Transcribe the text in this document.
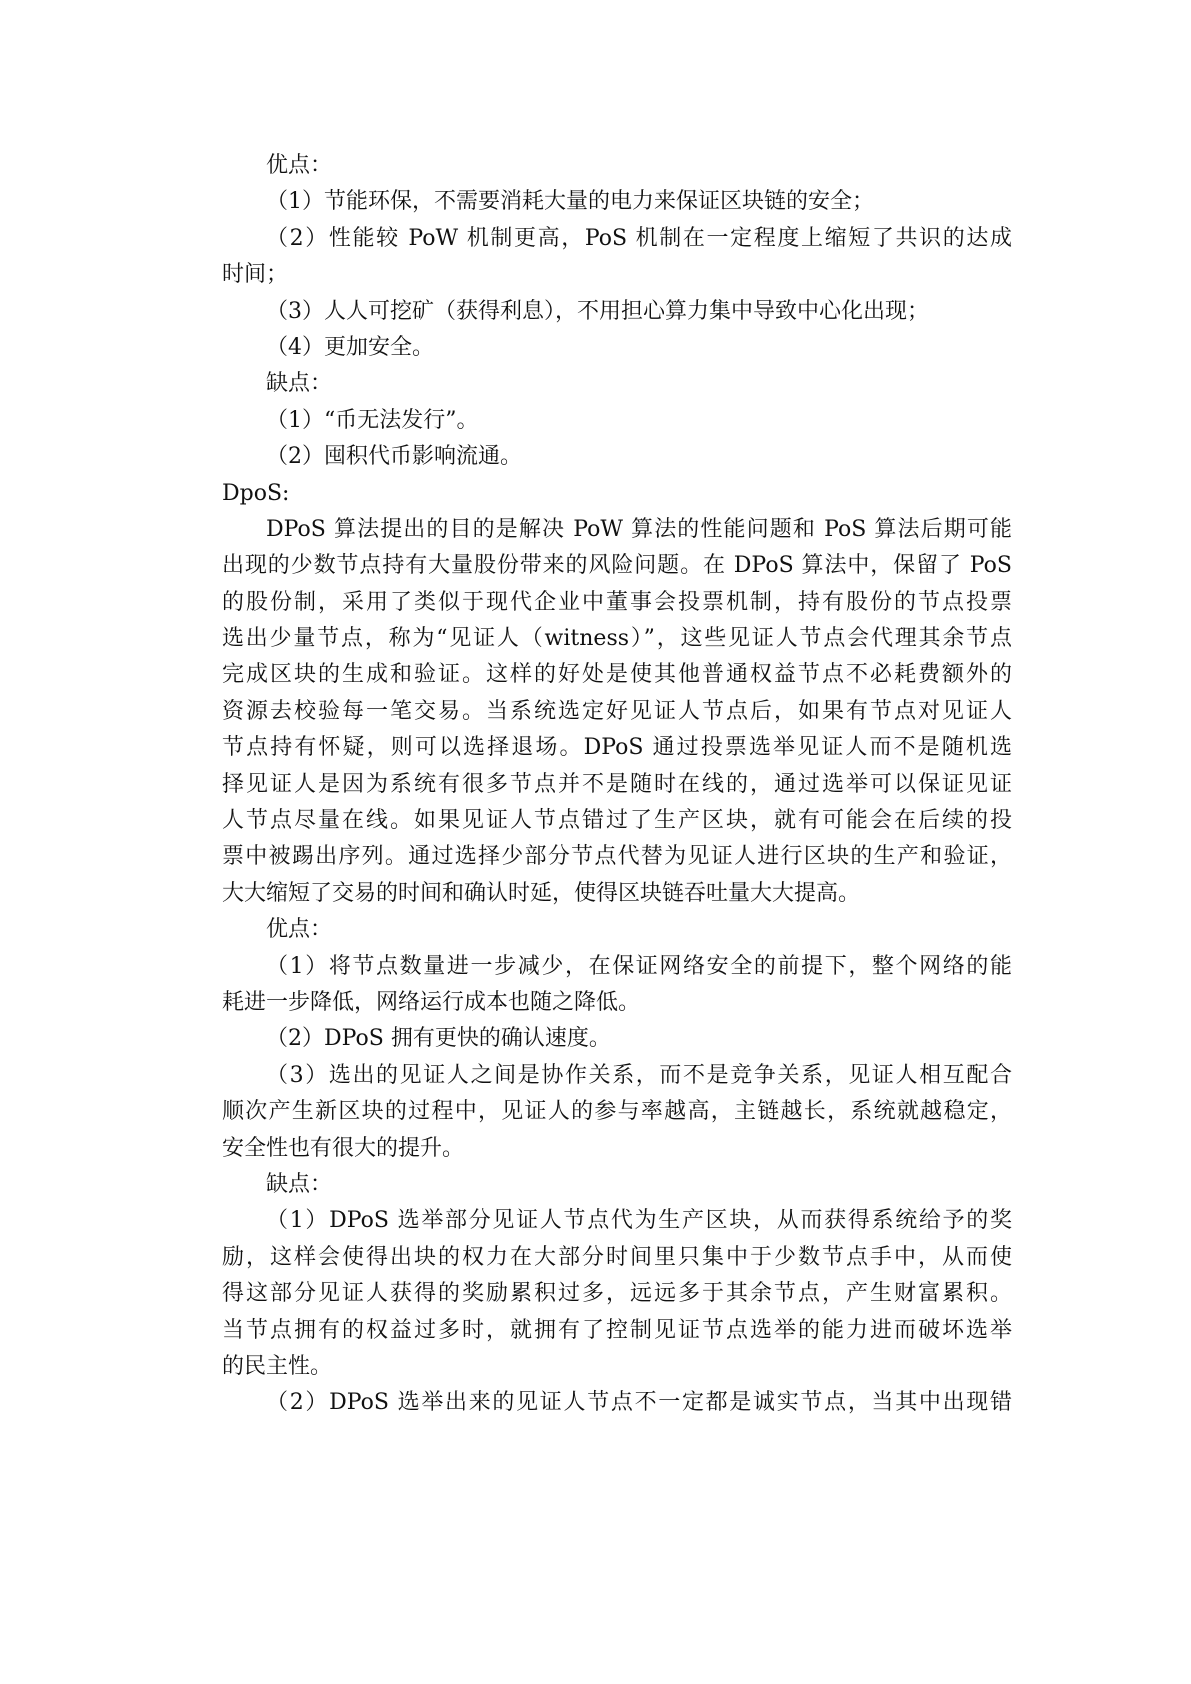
优点：
（1）节能环保，不需要消耗大量的电力来保证区块链的安全；
（2）性能较 PoW 机制更高，PoS 机制在一定程度上缩短了共识的达成
时间；
（3）人人可挖矿（获得利息），不用担心算力集中导致中心化出现；
（4）更加安全。
缺点：
（1）“币无法发行”。
（2）囤积代币影响流通。
DpoS:
DPoS 算法提出的目的是解决 PoW 算法的性能问题和 PoS 算法后期可能
出现的少数节点持有大量股份带来的风险问题。在 DPoS 算法中，保留了 PoS
的股份制，采用了类似于现代企业中董事会投票机制，持有股份的节点投票
选出少量节点，称为“见证人（witness）”，这些见证人节点会代理其余节点
完成区块的生成和验证。这样的好处是使其他普通权益节点不必耗费额外的
资源去校验每一笔交易。当系统选定好见证人节点后，如果有节点对见证人
节点持有怀疑，则可以选择退场。DPoS 通过投票选举见证人而不是随机选
择见证人是因为系统有很多节点并不是随时在线的，通过选举可以保证见证
人节点尽量在线。如果见证人节点错过了生产区块，就有可能会在后续的投
票中被踢出序列。通过选择少部分节点代替为见证人进行区块的生产和验证，
大大缩短了交易的时间和确认时延，使得区块链吞吐量大大提高。
优点：
（1）将节点数量进一步减少，在保证网络安全的前提下，整个网络的能
耗进一步降低，网络运行成本也随之降低。
（2）DPoS 拥有更快的确认速度。
（3）选出的见证人之间是协作关系，而不是竞争关系，见证人相互配合
顺次产生新区块的过程中，见证人的参与率越高，主链越长，系统就越稳定，
安全性也有很大的提升。
缺点：
（1）DPoS 选举部分见证人节点代为生产区块，从而获得系统给予的奖
励，这样会使得出块的权力在大部分时间里只集中于少数节点手中，从而使
得这部分见证人获得的奖励累积过多，远远多于其余节点，产生财富累积。
当节点拥有的权益过多时，就拥有了控制见证节点选举的能力进而破坏选举
的民主性。
（2）DPoS 选举出来的见证人节点不一定都是诚实节点，当其中出现错
